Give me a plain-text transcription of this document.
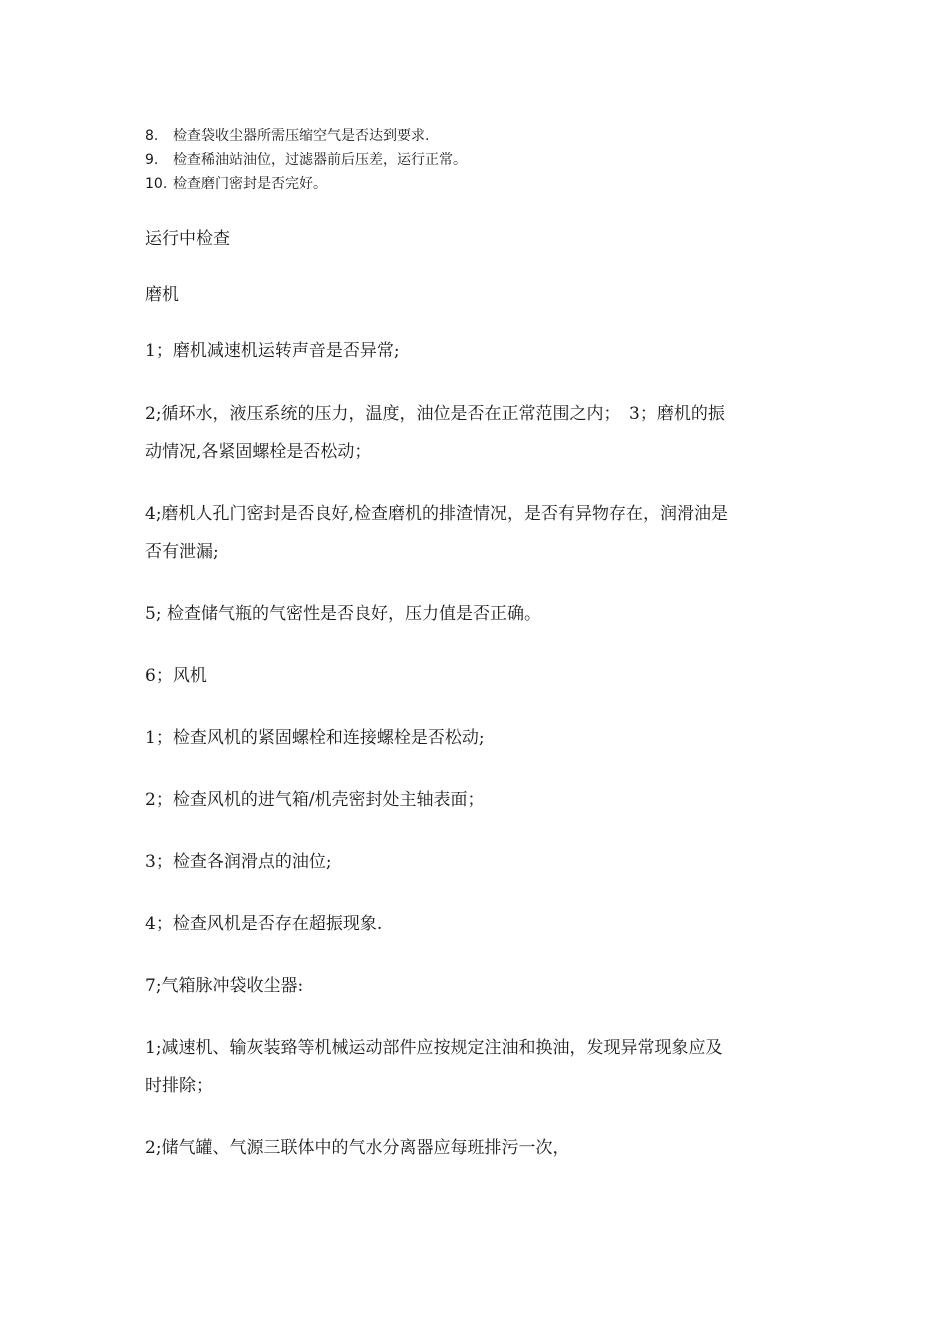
8.	检查袋收尘器所需压缩空气是否达到要求.
9.	检查稀油站油位，过滤器前后压差，运行正常。
10. 检查磨门密封是否完好。

运行中检查

磨机

1；磨机减速机运转声音是否异常;

2;循环水，液压系统的压力，温度，油位是否在正常范围之内；　3；磨机的振
动情况,各紧固螺栓是否松动；

4;磨机人孔门密封是否良好,检查磨机的排渣情况，是否有异物存在，润滑油是
否有泄漏;

5; 检查储气瓶的气密性是否良好，压力值是否正确。

6；风机

1；检查风机的紧固螺栓和连接螺栓是否松动;

2；检查风机的进气箱/机壳密封处主轴表面；

3；检查各润滑点的油位;

4；检查风机是否存在超振现象.

7;气箱脉冲袋收尘器:

1;减速机、输灰装臵等机械运动部件应按规定注油和换油，发现异常现象应及
时排除；

2;储气罐、气源三联体中的气水分离器应每班排污一次，
